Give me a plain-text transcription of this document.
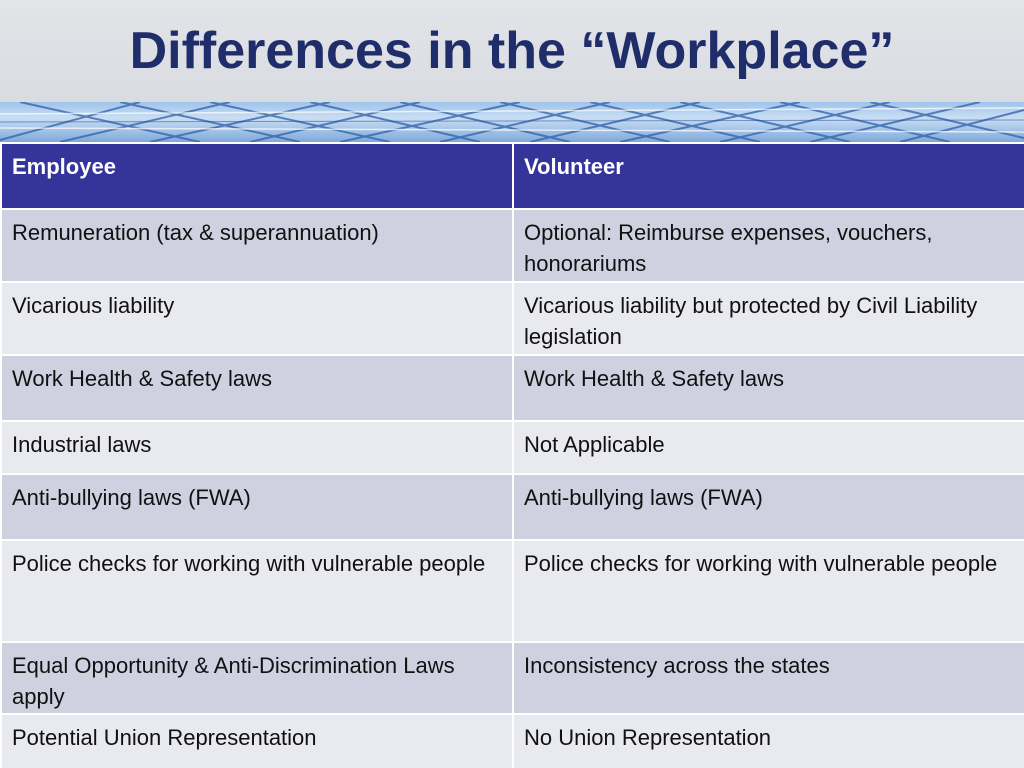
Differences in the “Workplace”
Employee	Volunteer
Remuneration (tax & superannuation)	Optional: Reimburse expenses, vouchers, honorariums
Vicarious liability	Vicarious liability but protected by Civil Liability legislation
Work Health & Safety laws	Work Health & Safety laws
Industrial laws	Not Applicable
Anti-bullying laws (FWA)	Anti-bullying laws (FWA)
Police checks for working with vulnerable people	Police checks for working with vulnerable people
Equal Opportunity & Anti-Discrimination Laws apply	Inconsistency across the states
Potential Union Representation	No Union Representation
